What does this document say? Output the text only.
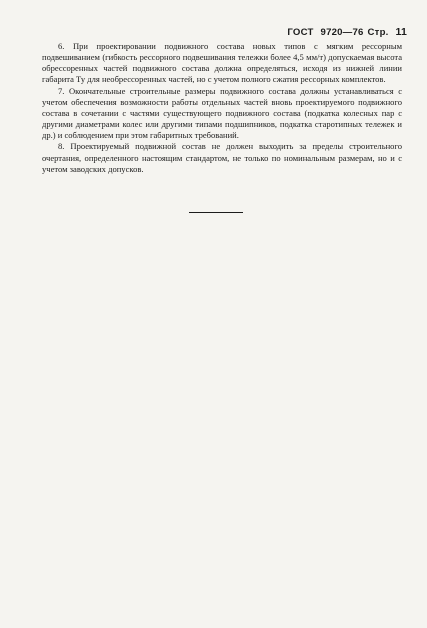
ГОСТ 9720—76 Стр. 11

6. При проектировании подвижного состава новых типов с мягким рессорным подвешиванием (гибкость рессорного подвешивания тележки более 4,5 мм/т) допускаемая высота обрессоренных частей подвижного состава должна определяться, исходя из нижней линии габарита Ту для необрессоренных частей, но с учетом полного сжатия рессорных комплектов.

7. Окончательные строительные размеры подвижного состава должны устанавливаться с учетом обеспечения возможности работы отдельных частей вновь проектируемого подвижного состава в сочетании с частями существующего подвижного состава (подкатка колесных пар с другими диаметрами колес или другими типами подшипников, подкатка старотипных тележек и др.) и соблюдением при этом габаритных требований.

8. Проектируемый подвижной состав не должен выходить за пределы строительного очертания, определенного настоящим стандартом, не только по номинальным размерам, но и с учетом заводских допусков.
